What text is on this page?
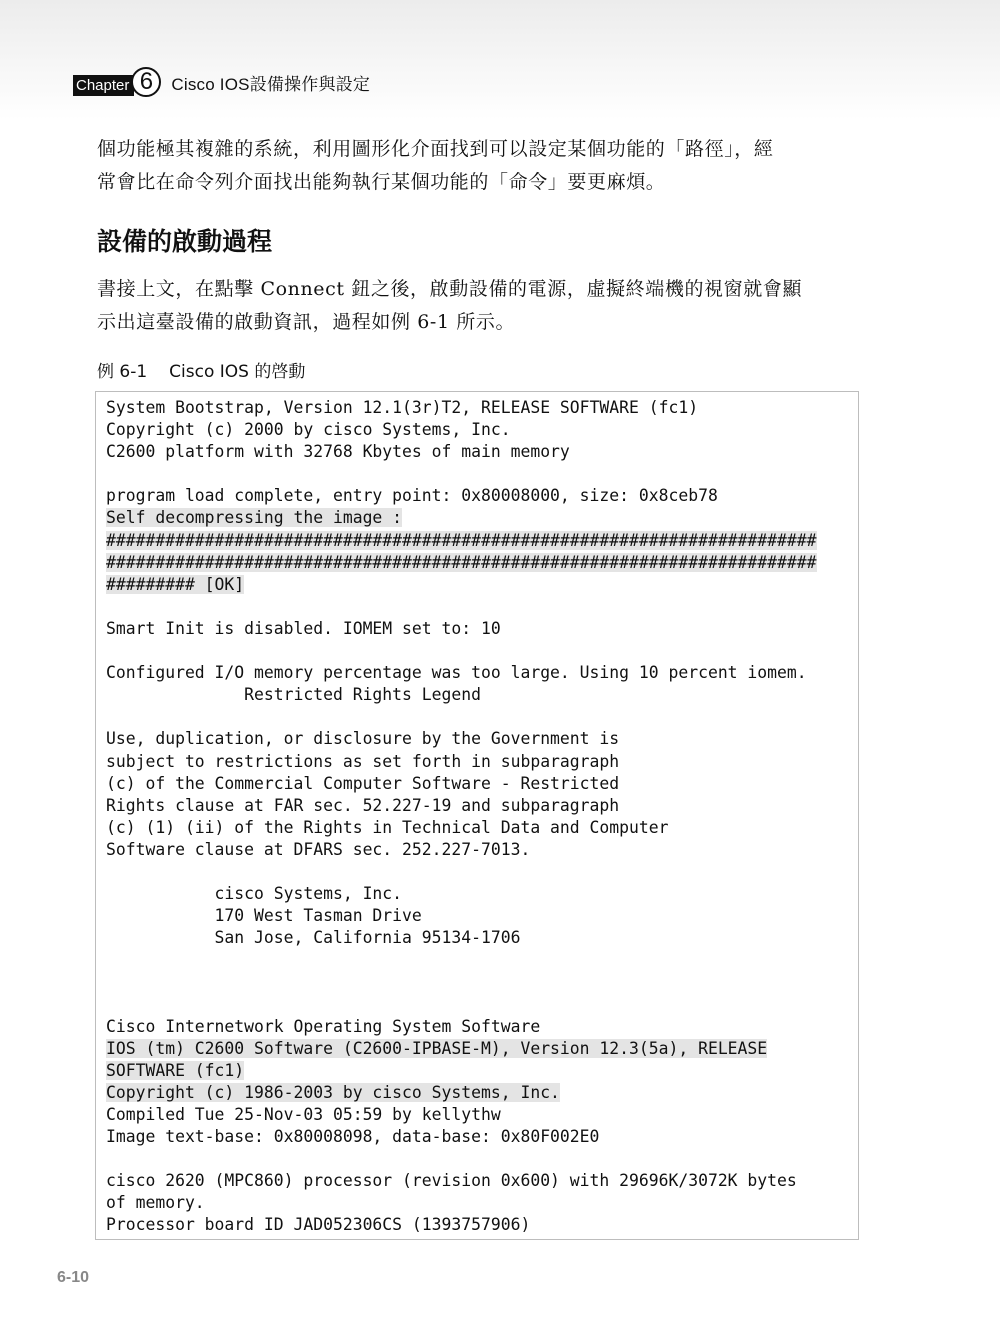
Chapter 6	Cisco IOS設備操作與設定
個功能極其複雜的系統，利用圖形化介面找到可以設定某個功能的「路徑」，經
常會比在命令列介面找出能夠執行某個功能的「命令」要更麻煩。
設備的啟動過程
書接上文，在點擊 Connect 鈕之後，啟動設備的電源，虛擬終端機的視窗就會顯
示出這臺設備的啟動資訊，過程如例 6-1 所示。
例 6-1 Cisco IOS 的啓動
System Bootstrap, Version 12.1(3r)T2, RELEASE SOFTWARE (fc1)
Copyright (c) 2000 by cisco Systems, Inc.
C2600 platform with 32768 Kbytes of main memory
program load complete, entry point: 0x80008000, size: 0x8ceb78
Self decompressing the image :
########################################################################
########################################################################
######### [OK]
Smart Init is disabled. IOMEM set to: 10
Configured I/O memory percentage was too large. Using 10 percent iomem.
Restricted Rights Legend
Use, duplication, or disclosure by the Government is
subject to restrictions as set forth in subparagraph
(c) of the Commercial Computer Software - Restricted
Rights clause at FAR sec. 52.227-19 and subparagraph
(c) (1) (ii) of the Rights in Technical Data and Computer
Software clause at DFARS sec. 252.227-7013.
cisco Systems, Inc.
170 West Tasman Drive
San Jose, California 95134-1706
Cisco Internetwork Operating System Software
IOS (tm) C2600 Software (C2600-IPBASE-M), Version 12.3(5a), RELEASE
SOFTWARE (fc1)
Copyright (c) 1986-2003 by cisco Systems, Inc.
Compiled Tue 25-Nov-03 05:59 by kellythw
Image text-base: 0x80008098, data-base: 0x80F002E0
cisco 2620 (MPC860) processor (revision 0x600) with 29696K/3072K bytes
of memory.
Processor board ID JAD052306CS (1393757906)
6-10
